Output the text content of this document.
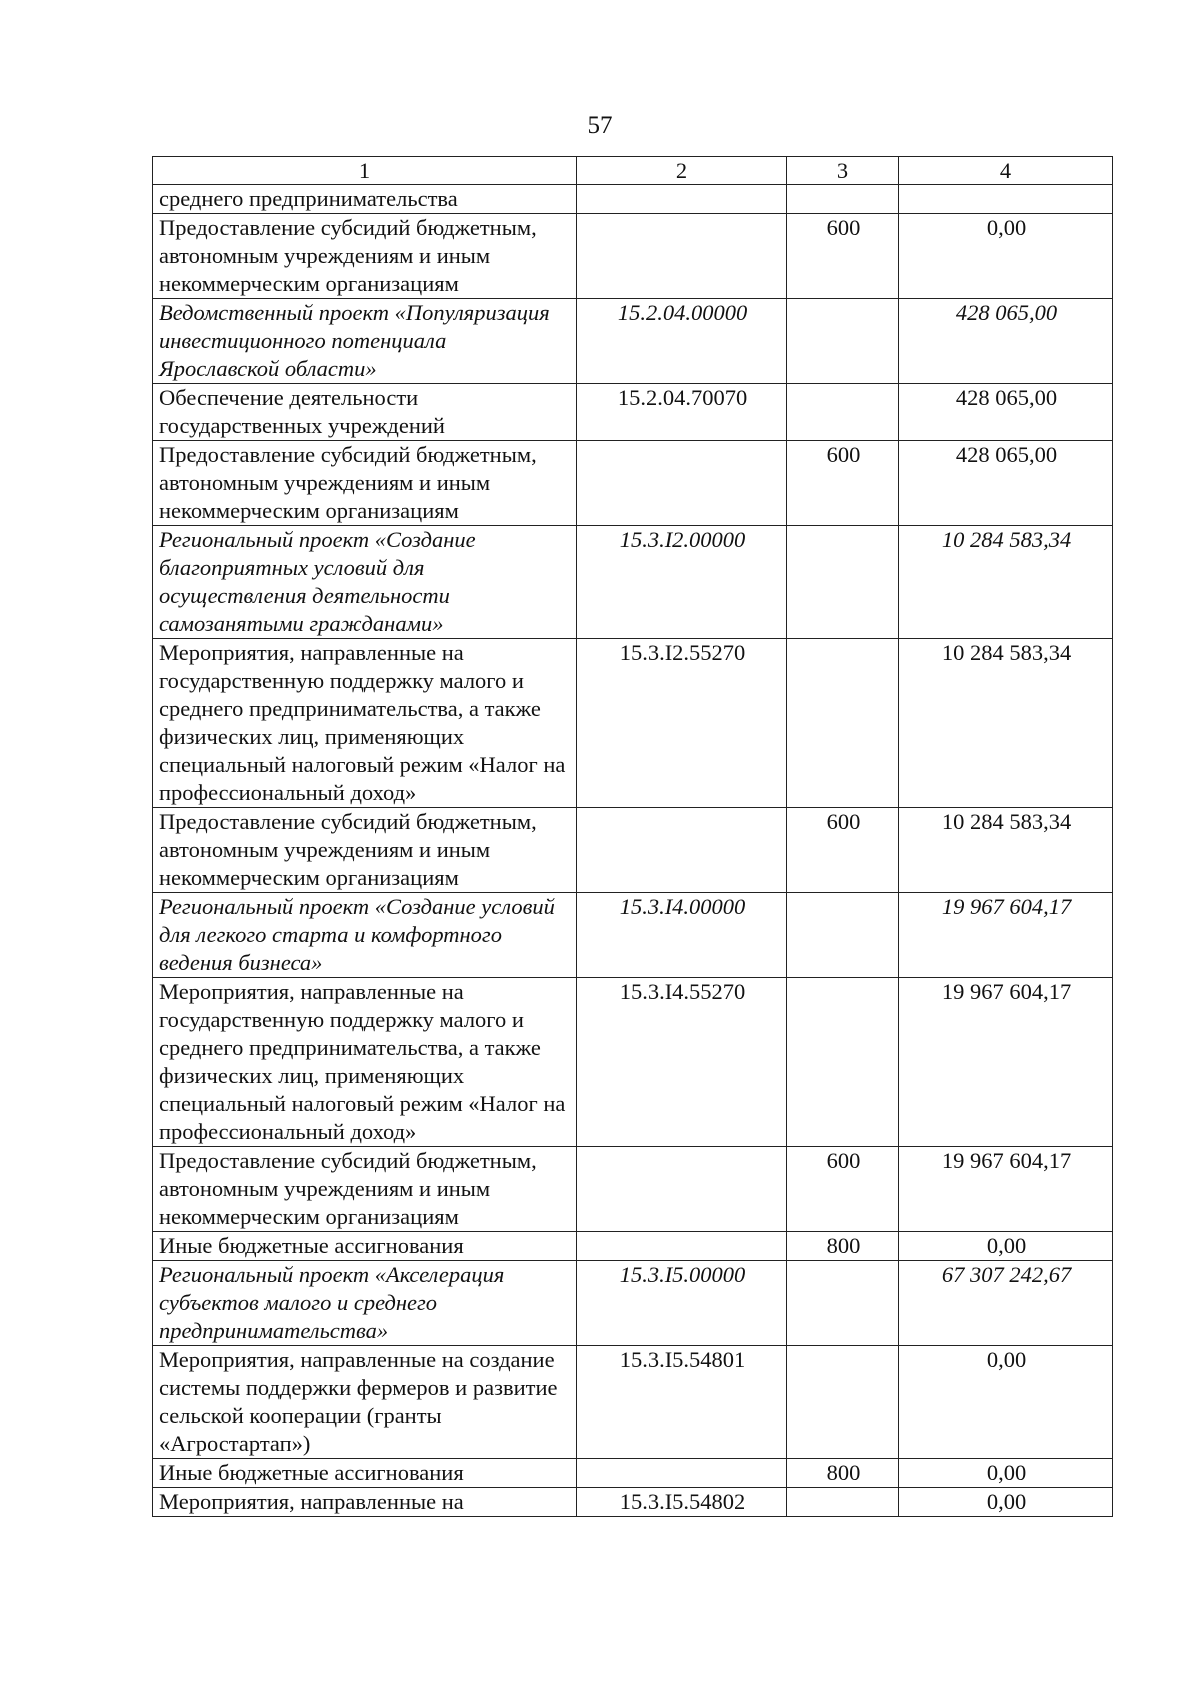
57
1	2	3	4
среднего предпринимательства			
Предоставление субсидий бюджетным, автономным учреждениям и иным некоммерческим организациям		600	0,00
Ведомственный проект «Популяризация инвестиционного потенциала Ярославской области»	15.2.04.00000		428 065,00
Обеспечение деятельности государственных учреждений	15.2.04.70070		428 065,00
Предоставление субсидий бюджетным, автономным учреждениям и иным некоммерческим организациям		600	428 065,00
Региональный проект «Создание благоприятных условий для осуществления деятельности самозанятыми гражданами»	15.3.I2.00000		10 284 583,34
Мероприятия, направленные на государственную поддержку малого и среднего предпринимательства, а также физических лиц, применяющих специальный налоговый режим «Налог на профессиональный доход»	15.3.I2.55270		10 284 583,34
Предоставление субсидий бюджетным, автономным учреждениям и иным некоммерческим организациям		600	10 284 583,34
Региональный проект «Создание условий для легкого старта и комфортного ведения бизнеса»	15.3.I4.00000		19 967 604,17
Мероприятия, направленные на государственную поддержку малого и среднего предпринимательства, а также физических лиц, применяющих специальный налоговый режим «Налог на профессиональный доход»	15.3.I4.55270		19 967 604,17
Предоставление субсидий бюджетным, автономным учреждениям и иным некоммерческим организациям		600	19 967 604,17
Иные бюджетные ассигнования		800	0,00
Региональный проект «Акселерация субъектов малого и среднего предпринимательства»	15.3.I5.00000		67 307 242,67
Мероприятия, направленные на создание системы поддержки фермеров и развитие сельской кооперации (гранты «Агростартап»)	15.3.I5.54801		0,00
Иные бюджетные ассигнования		800	0,00
Мероприятия, направленные на	15.3.I5.54802		0,00
